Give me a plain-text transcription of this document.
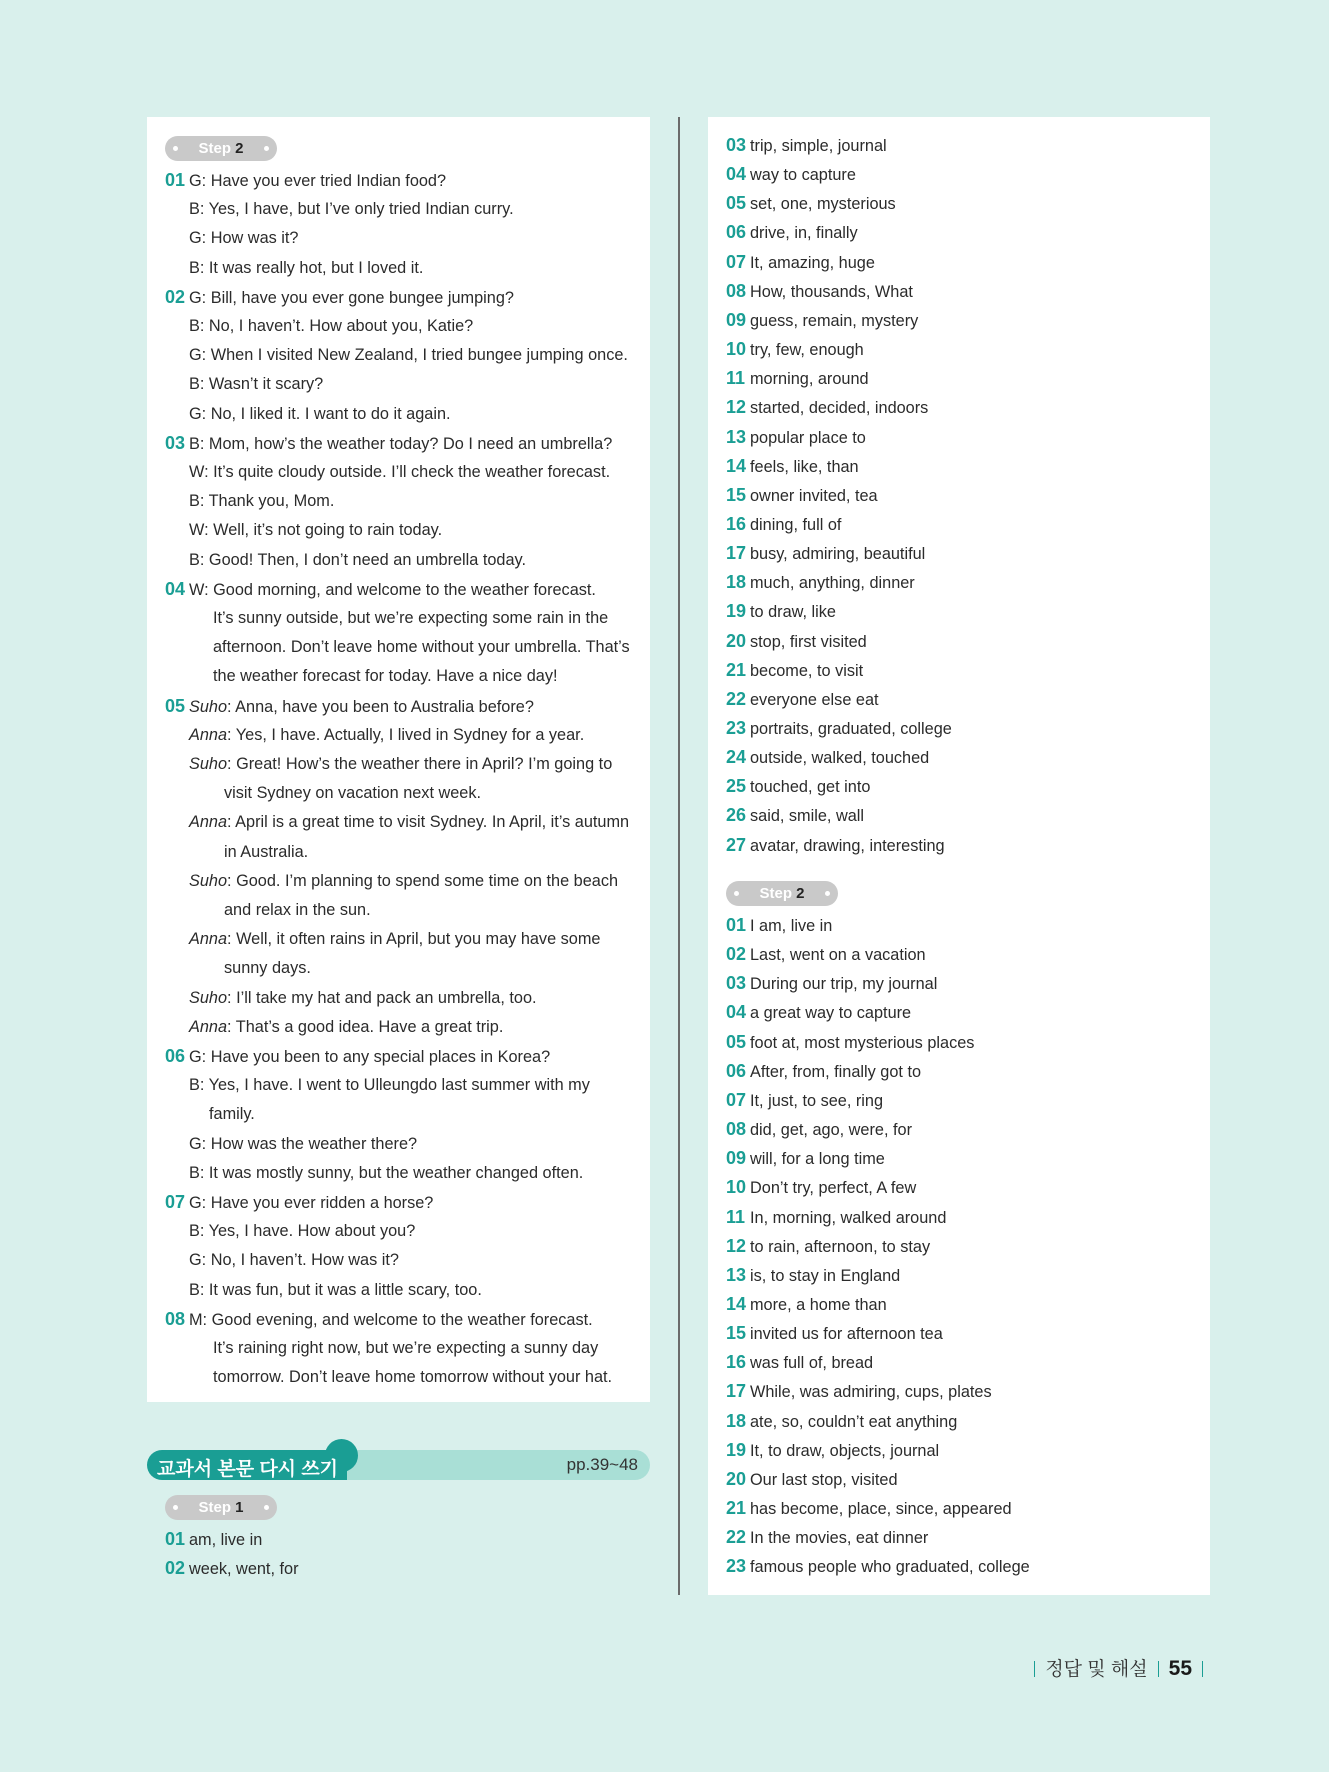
Step 2
01 G: Have you ever tried Indian food?
B: Yes, I have, but I’ve only tried Indian curry.
G: How was it?
B: It was really hot, but I loved it.
02 G: Bill, have you ever gone bungee jumping?
B: No, I haven’t. How about you, Katie?
G: When I visited New Zealand, I tried bungee jumping once.
B: Wasn’t it scary?
G: No, I liked it. I want to do it again.
03 B: Mom, how’s the weather today? Do I need an umbrella?
W: It’s quite cloudy outside. I’ll check the weather forecast.
B: Thank you, Mom.
W: Well, it’s not going to rain today.
B: Good! Then, I don’t need an umbrella today.
04 W: Good morning, and welcome to the weather forecast.
It’s sunny outside, but we’re expecting some rain in the
afternoon. Don’t leave home without your umbrella. That’s
the weather forecast for today. Have a nice day!
05 Suho: Anna, have you been to Australia before?
Anna: Yes, I have. Actually, I lived in Sydney for a year.
Suho: Great! How’s the weather there in April? I’m going to
visit Sydney on vacation next week.
Anna: April is a great time to visit Sydney. In April, it’s autumn
in Australia.
Suho: Good. I’m planning to spend some time on the beach
and relax in the sun.
Anna: Well, it often rains in April, but you may have some
sunny days.
Suho: I’ll take my hat and pack an umbrella, too.
Anna: That’s a good idea. Have a great trip.
06 G: Have you been to any special places in Korea?
B: Yes, I have. I went to Ulleungdo last summer with my
family.
G: How was the weather there?
B: It was mostly sunny, but the weather changed often.
07 G: Have you ever ridden a horse?
B: Yes, I have. How about you?
G: No, I haven’t. How was it?
B: It was fun, but it was a little scary, too.
08 M: Good evening, and welcome to the weather forecast.
It’s raining right now, but we’re expecting a sunny day
tomorrow. Don’t leave home tomorrow without your hat.
교과서 본문 다시 쓰기	pp.39~48
Step 1
01 am, live in
02 week, went, for
03 trip, simple, journal
04 way to capture
05 set, one, mysterious
06 drive, in, finally
07 It, amazing, huge
08 How, thousands, What
09 guess, remain, mystery
10 try, few, enough
11 morning, around
12 started, decided, indoors
13 popular place to
14 feels, like, than
15 owner invited, tea
16 dining, full of
17 busy, admiring, beautiful
18 much, anything, dinner
19 to draw, like
20 stop, first visited
21 become, to visit
22 everyone else eat
23 portraits, graduated, college
24 outside, walked, touched
25 touched, get into
26 said, smile, wall
27 avatar, drawing, interesting
Step 2
01 I am, live in
02 Last, went on a vacation
03 During our trip, my journal
04 a great way to capture
05 foot at, most mysterious places
06 After, from, finally got to
07 It, just, to see, ring
08 did, get, ago, were, for
09 will, for a long time
10 Don’t try, perfect, A few
11 In, morning, walked around
12 to rain, afternoon, to stay
13 is, to stay in England
14 more, a home than
15 invited us for afternoon tea
16 was full of, bread
17 While, was admiring, cups, plates
18 ate, so, couldn’t eat anything
19 It, to draw, objects, journal
20 Our last stop, visited
21 has become, place, since, appeared
22 In the movies, eat dinner
23 famous people who graduated, college
정답 및 해설 55
